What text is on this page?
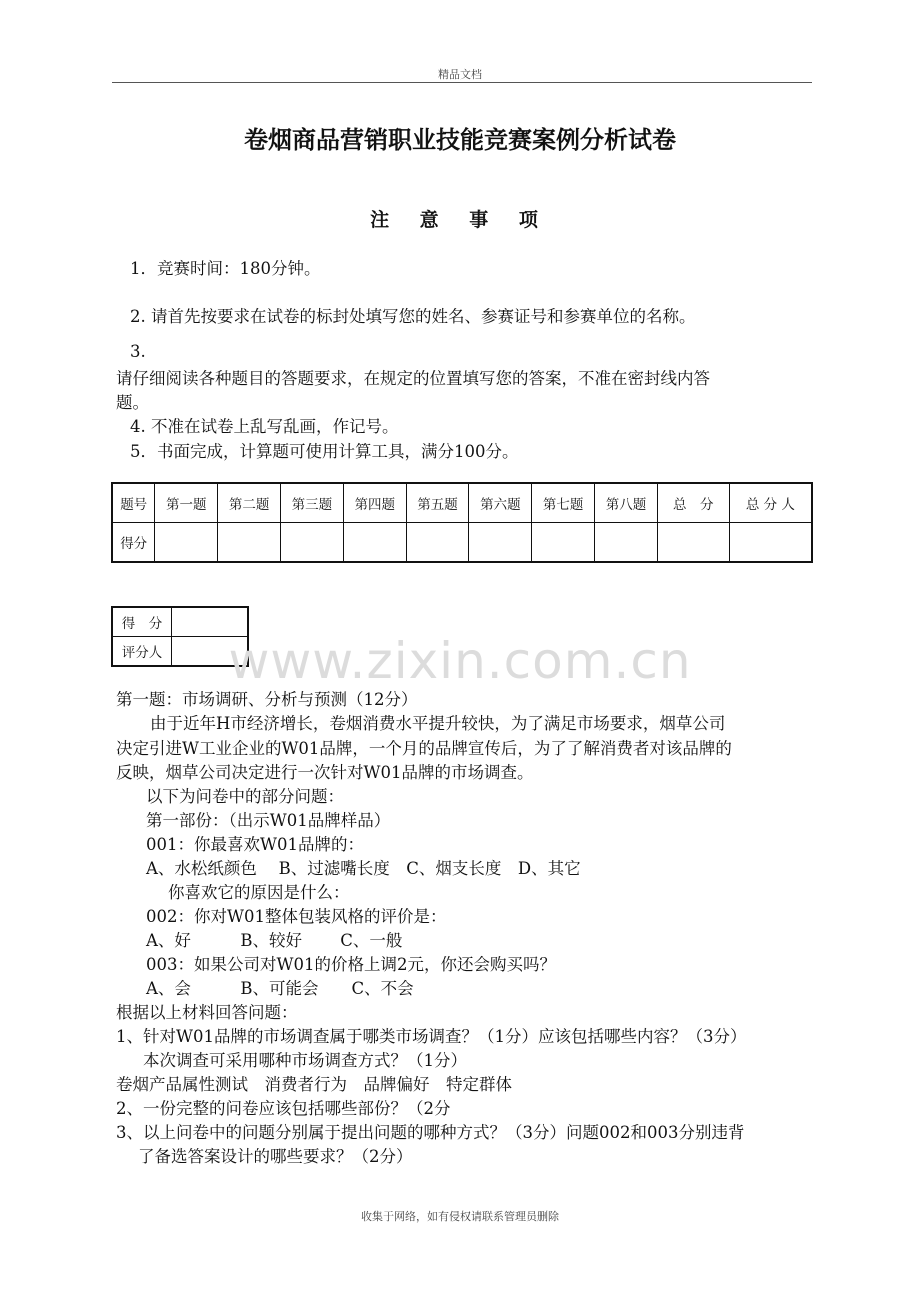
精品文档
卷烟商品营销职业技能竞赛案例分析试卷
注 意 事 项
1．竞赛时间：180分钟。
2. 请首先按要求在试卷的标封处填写您的姓名、参赛证号和参赛单位的名称。
3.
请仔细阅读各种题目的答题要求，在规定的位置填写您的答案，不准在密封线内答
题。
4. 不准在试卷上乱写乱画，作记号。
5．书面完成，计算题可使用计算工具，满分100分。
题号	第一题	第二题	第三题	第四题	第五题	第六题	第七题	第八题	总　分	总 分 人
得分										
得　分	
评分人		www.zixin.com.cn
第一题：市场调研、分析与预测（12分）
由于近年H市经济增长，卷烟消费水平提升较快，为了满足市场要求，烟草公司
决定引进W工业企业的W01品牌，一个月的品牌宣传后，为了了解消费者对该品牌的
反映，烟草公司决定进行一次针对W01品牌的市场调查。
以下为问卷中的部分问题：
第一部份：（出示W01品牌样品）
001：你最喜欢W01品牌的：
A、水松纸颜色　 B、过滤嘴长度　C、烟支长度　D、其它
你喜欢它的原因是什么：
002：你对W01整体包装风格的评价是：
A、好　　　B、较好　　 C、一般
003：如果公司对W01的价格上调2元，你还会购买吗？
A、会　　　B、可能会　　C、不会
根据以上材料回答问题：
1、针对W01品牌的市场调查属于哪类市场调查？（1分）应该包括哪些内容？（3分）
本次调查可采用哪种市场调查方式？（1分）
卷烟产品属性测试　消费者行为　品牌偏好　特定群体
2、一份完整的问卷应该包括哪些部份？（2分
3、以上问卷中的问题分别属于提出问题的哪种方式？（3分）问题002和003分别违背
了备选答案设计的哪些要求？（2分）
收集于网络，如有侵权请联系管理员删除
